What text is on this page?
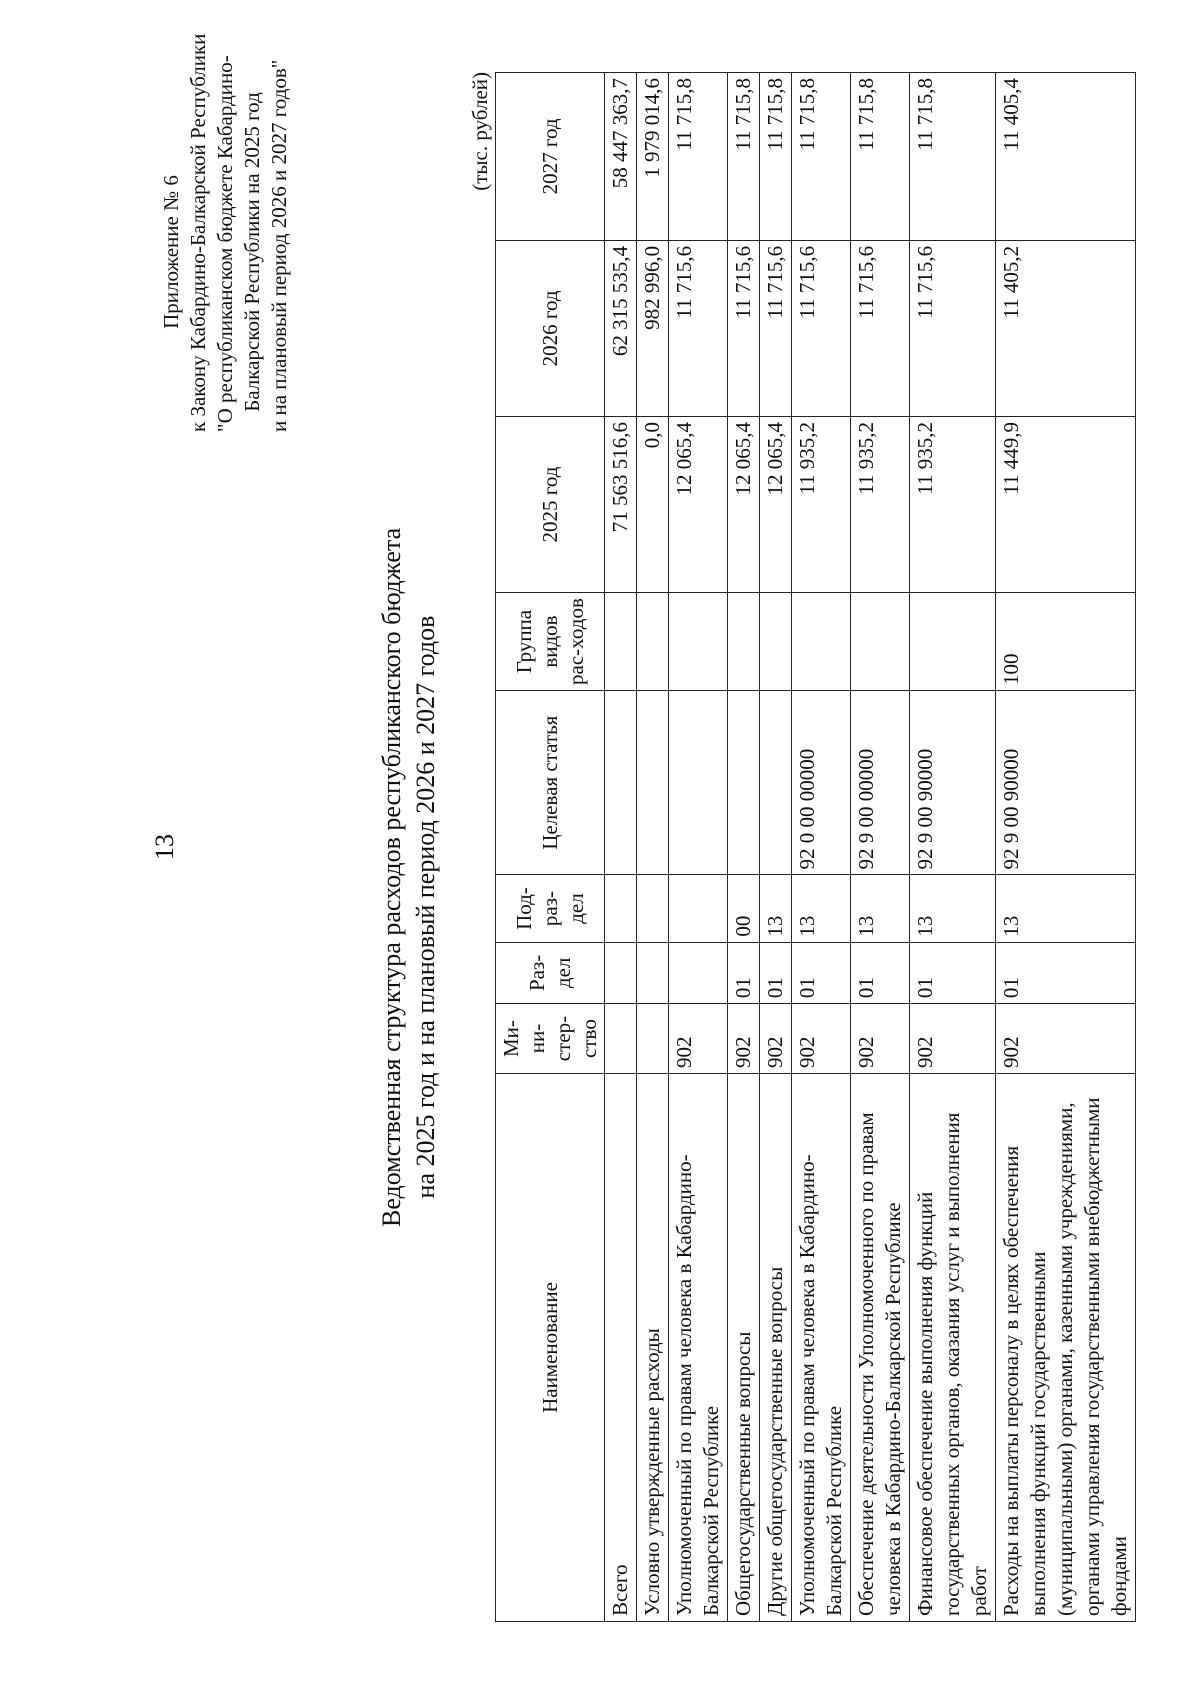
13
Приложение № 6 к Закону Кабардино-Балкарской Республики "О республиканском бюджете Кабардино- Балкарской Республики на 2025 год и на плановый период 2026 и 2027 годов"
Ведомственная структура расходов республиканского бюджета на 2025 год и на плановый период 2026 и 2027 годов
(тыс. рублей)
Наименование	Ми-ни-стер-ство	Раз-дел	Под-раз-дел	Целевая статья	Группа видов рас-ходов	2025 год	2026 год	2027 год
Всего						71 563 516,6	62 315 535,4	58 447 363,7
Условно утвержденные расходы						0,0	982 996,0	1 979 014,6
Уполномоченный по правам человека в Кабардино-Балкарской Республике	902					12 065,4	11 715,6	11 715,8
Общегосударственные вопросы	902	01	00			12 065,4	11 715,6	11 715,8
Другие общегосударственные вопросы	902	01	13			12 065,4	11 715,6	11 715,8
Уполномоченный по правам человека в Кабардино-Балкарской Республике	902	01	13	92 0 00 00000		11 935,2	11 715,6	11 715,8
Обеспечение деятельности Уполномоченного по правам человека в Кабардино-Балкарской Республике	902	01	13	92 9 00 00000		11 935,2	11 715,6	11 715,8
Финансовое обеспечение выполнения функций государственных органов, оказания услуг и выполнения работ	902	01	13	92 9 00 90000		11 935,2	11 715,6	11 715,8
Расходы на выплаты персоналу в целях обеспечения выполнения функций государственными (муниципальными) органами, казенными учреждениями, органами управления государственными внебюджетными фондами	902	01	13	92 9 00 90000	100	11 449,9	11 405,2	11 405,4
